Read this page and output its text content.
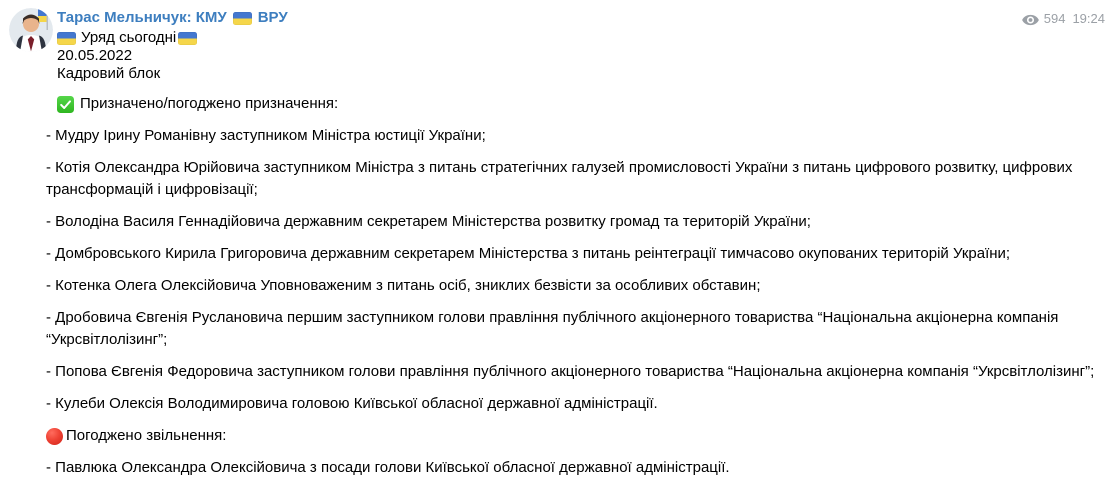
594 19:24
Тарас Мельничук: КМУ ВРУ
Уряд сьогодні
20.05.2022
Кадровий блок

Призначено/погоджено призначення:

- Мудру Ірину Романівну заступником Міністра юстиції України;

- Котія Олександра Юрійовича заступником Міністра з питань стратегічних галузей промисловості України з питань цифрового розвитку, цифрових трансформацій і цифровізації;

- Володіна Василя Геннадійовича державним секретарем Міністерства розвитку громад та територій України;

- Домбровського Кирила Григоровича державним секретарем Міністерства з питань реінтеграції тимчасово окупованих територій України;

- Котенка Олега Олексійовича Уповноваженим з питань осіб, зниклих безвісти за особливих обставин;

- Дробовича Євгенія Руслановича першим заступником голови правління публічного акціонерного товариства “Національна акціонерна компанія “Укрсвітлолізинг”;

- Попова Євгенія Федоровича заступником голови правління публічного акціонерного товариства “Національна акціонерна компанія “Укрсвітлолізинг”;

- Кулеби Олексія Володимировича головою Київської обласної державної адміністрації.

Погоджено звільнення:

- Павлюка Олександра Олексійовича з посади голови Київської обласної державної адміністрації.
